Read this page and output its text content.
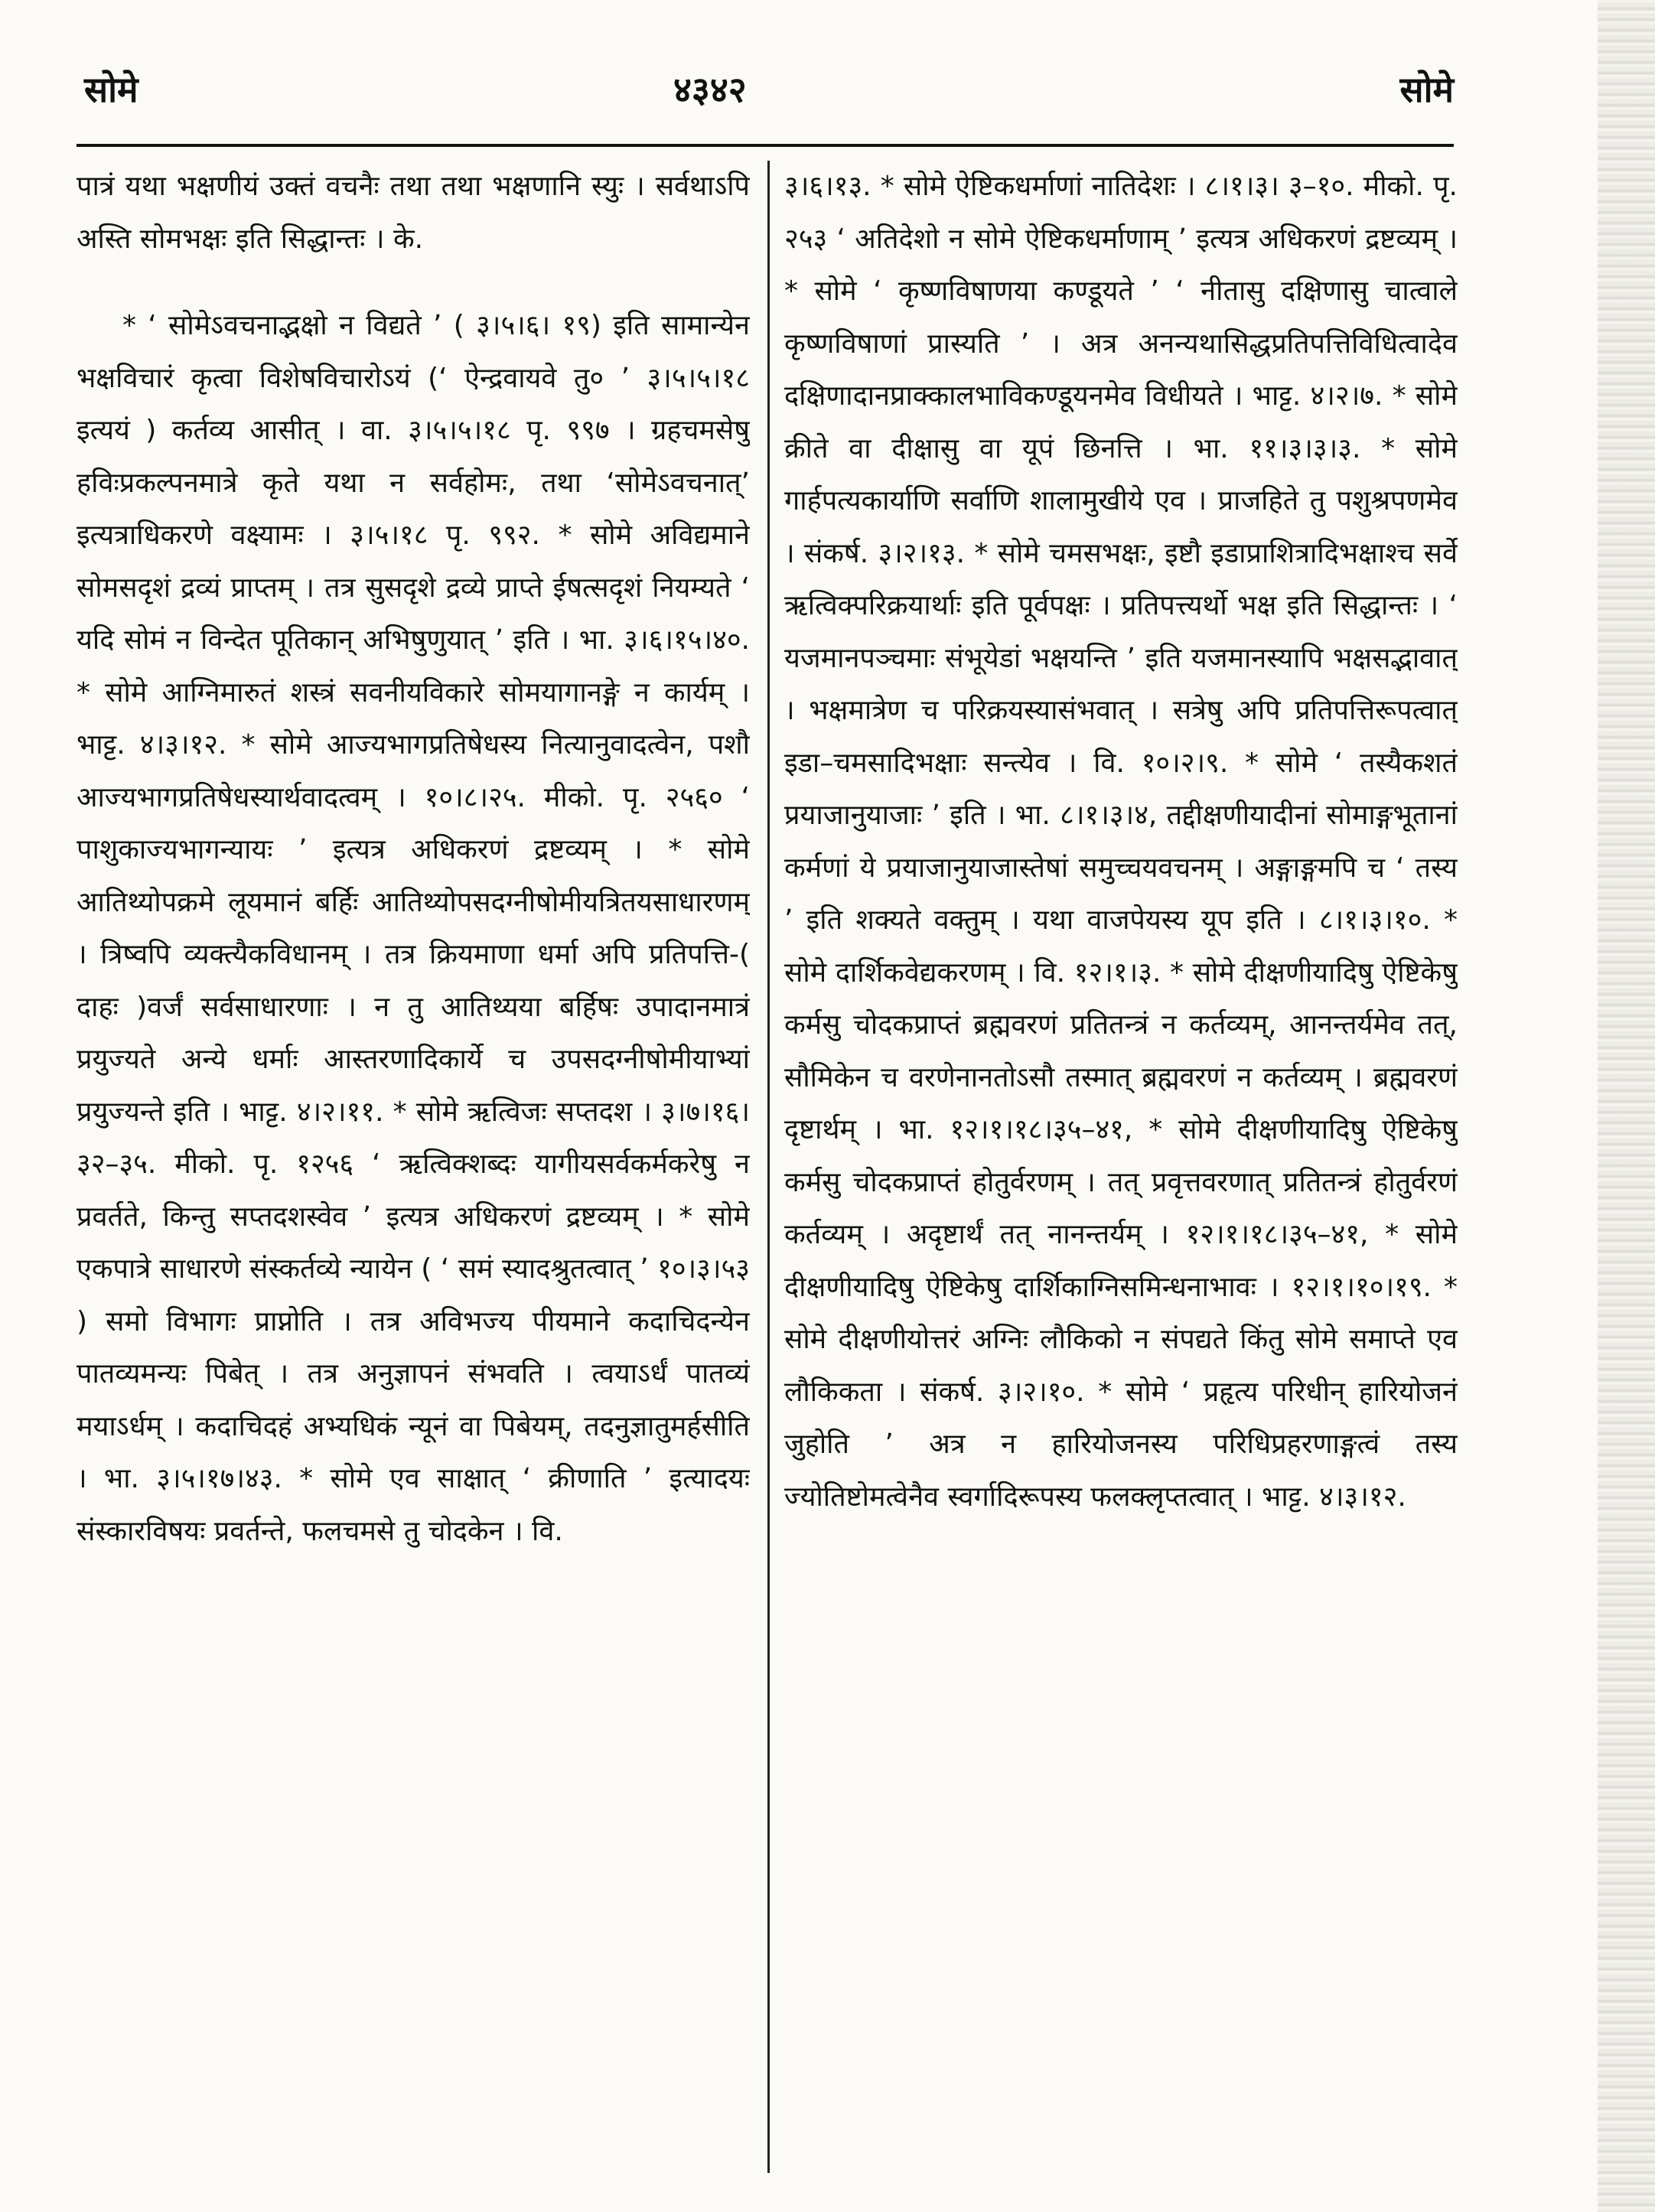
सोमे	४३४२	सोमे

पात्रं यथा भक्षणीयं उक्तं वचनैः तथा तथा भक्षणानि स्युः । सर्वथाऽपि अस्ति सोमभक्षः इति सिद्धान्तः । के.

* ‘ सोमेऽवचनाद्भक्षो न विद्यते ’ ( ३।५।६। १९) इति सामान्येन भक्षविचारं कृत्वा विशेषविचारोऽयं (‘ ऐन्द्रवायवे तु० ’ ३।५।५।१८ इत्ययं ) कर्तव्य आसीत् । वा. ३।५।५।१८ पृ. ९९७ । ग्रहचमसेषु हविःप्रकल्पनमात्रे कृते यथा न सर्वहोमः, तथा ‘सोमेऽवचनात्’ इत्यत्राधिकरणे वक्ष्यामः । ३।५।१८ पृ. ९९२. * सोमे अविद्यमाने सोमसदृशं द्रव्यं प्राप्तम् । तत्र सुसदृशे द्रव्ये प्राप्ते ईषत्सदृशं नियम्यते ‘ यदि सोमं न विन्देत पूतिकान् अभिषुणुयात् ’ इति । भा. ३।६।१५।४०. * सोमे आग्निमारुतं शस्त्रं सवनीयविकारे सोमयागानङ्गे न कार्यम् । भाट्ट. ४।३।१२. * सोमे आज्यभागप्रतिषेधस्य नित्यानुवादत्वेन, पशौ आज्यभागप्रतिषेधस्यार्थवादत्वम् । १०।८।२५. मीको. पृ. २५६० ‘ पाशुकाज्यभागन्यायः ’ इत्यत्र अधिकरणं द्रष्टव्यम् । * सोमे आतिथ्योपक्रमे लूयमानं बर्हिः आतिथ्योपसदग्नीषोमीयत्रितयसाधारणम् । त्रिष्वपि व्यक्त्यैकविधानम् । तत्र क्रियमाणा धर्मा अपि प्रतिपत्ति-( दाहः )वर्जं सर्वसाधारणाः । न तु आतिथ्यया बर्हिषः उपादानमात्रं प्रयुज्यते अन्ये धर्माः आस्तरणादिकार्ये च उपसदग्नीषोमीयाभ्यां प्रयुज्यन्ते इति । भाट्ट. ४।२।११. * सोमे ऋत्विजः सप्तदश । ३।७।१६।३२–३५. मीको. पृ. १२५६ ‘ ऋत्विक्शब्दः यागीयसर्वकर्मकरेषु न प्रवर्तते, किन्तु सप्तदशस्वेव ’ इत्यत्र अधिकरणं द्रष्टव्यम् । * सोमे एकपात्रे साधारणे संस्कर्तव्ये न्यायेन ( ‘ समं स्यादश्रुतत्वात् ’ १०।३।५३ ) समो विभागः प्राप्नोति । तत्र अविभज्य पीयमाने कदाचिदन्येन पातव्यमन्यः पिबेत् । तत्र अनुज्ञापनं संभवति । त्वयाऽर्धं पातव्यं मयाऽर्धम् । कदाचिदहं अभ्यधिकं न्यूनं वा पिबेयम्, तदनुज्ञातुमर्हसीति । भा. ३।५।१७।४३. * सोमे एव साक्षात् ‘ क्रीणाति ’ इत्यादयः संस्कारविषयः प्रवर्तन्ते, फलचमसे तु चोदकेन । वि.

३।६।१३. * सोमे ऐष्टिकधर्माणां नातिदेशः । ८।१।३। ३–१०. मीको. पृ. २५३ ‘ अतिदेशो न सोमे ऐष्टिकधर्माणाम् ’ इत्यत्र अधिकरणं द्रष्टव्यम् । * सोमे ‘ कृष्णविषाणया कण्डूयते ’ ‘ नीतासु दक्षिणासु चात्वाले कृष्णविषाणां प्रास्यति ’ । अत्र अनन्यथासिद्धप्रतिपत्तिविधित्वादेव दक्षिणादानप्राक्कालभाविकण्डूयनमेव विधीयते । भाट्ट. ४।२।७. * सोमे क्रीते वा दीक्षासु वा यूपं छिनत्ति । भा. ११।३।३।३. * सोमे गार्हपत्यकार्याणि सर्वाणि शालामुखीये एव । प्राजहिते तु पशुश्रपणमेव । संकर्ष. ३।२।१३. * सोमे चमसभक्षः, इष्टौ इडाप्राशित्रादिभक्षाश्च सर्वे ऋत्विक्परिक्रयार्थाः इति पूर्वपक्षः । प्रतिपत्त्यर्थो भक्ष इति सिद्धान्तः । ‘ यजमानपञ्चमाः संभूयेडां भक्षयन्ति ’ इति यजमानस्यापि भक्षसद्भावात् । भक्षमात्रेण च परिक्रयस्यासंभवात् । सत्रेषु अपि प्रतिपत्तिरूपत्वात् इडा–चमसादिभक्षाः सन्त्येव । वि. १०।२।९. * सोमे ‘ तस्यैकशतं प्रयाजानुयाजाः ’ इति । भा. ८।१।३।४, तद्दीक्षणीयादीनां सोमाङ्गभूतानां कर्मणां ये प्रयाजानुयाजास्तेषां समुच्चयवचनम् । अङ्गाङ्गमपि च ‘ तस्य ’ इति शक्यते वक्तुम् । यथा वाजपेयस्य यूप इति । ८।१।३।१०. * सोमे दार्शिकवेद्यकरणम् । वि. १२।१।३. * सोमे दीक्षणीयादिषु ऐष्टिकेषु कर्मसु चोदकप्राप्तं ब्रह्मवरणं प्रतितन्त्रं न कर्तव्यम्, आनन्तर्यमेव तत्, सौमिकेन च वरणेनानतोऽसौ तस्मात् ब्रह्मवरणं न कर्तव्यम् । ब्रह्मवरणं दृष्टार्थम् । भा. १२।१।१८।३५–४१, * सोमे दीक्षणीयादिषु ऐष्टिकेषु कर्मसु चोदकप्राप्तं होतुर्वरणम् । तत् प्रवृत्तवरणात् प्रतितन्त्रं होतुर्वरणं कर्तव्यम् । अदृष्टार्थं तत् नानन्तर्यम् । १२।१।१८।३५–४१, * सोमे दीक्षणीयादिषु ऐष्टिकेषु दार्शिकाग्निसमिन्धनाभावः । १२।१।१०।१९. * सोमे दीक्षणीयोत्तरं अग्निः लौकिको न संपद्यते किंतु सोमे समाप्ते एव लौकिकता । संकर्ष. ३।२।१०. * सोमे ‘ प्रहृत्य परिधीन् हारियोजनं जुहोति ’ अत्र न हारियोजनस्य परिधिप्रहरणाङ्गत्वं तस्य ज्योतिष्टोमत्वेनैव स्वर्गादिरूपस्य फलक्लृप्तत्वात् । भाट्ट. ४।३।१२.
